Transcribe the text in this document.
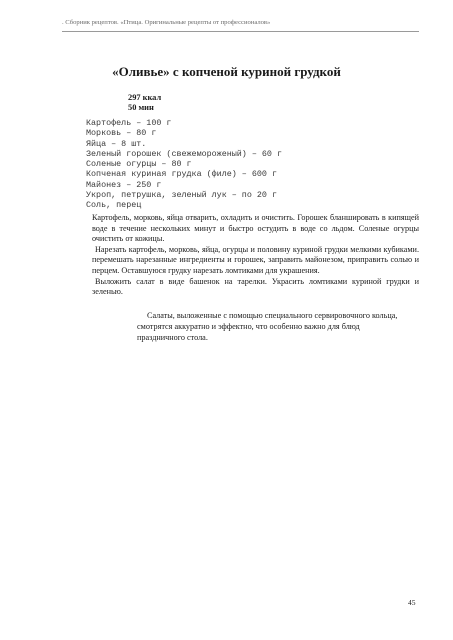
. Сборник рецептов. «Птица. Оригинальные рецепты от профессионалов»
«Оливье» с копченой куриной грудкой
297 ккал
50 мин
Картофель – 100 г
Морковь – 80 г
Яйца – 8 шт.
Зеленый горошек (свежемороженый) – 60 г
Соленые огурцы – 80 г
Копченая куриная грудка (филе) – 600 г
Майонез – 250 г
Укроп, петрушка, зеленый лук – по 20 г
Соль, перец

Картофель, морковь, яйца отварить, охладить и очистить. Горошек бланшировать в кипящей воде в течение нескольких минут и быстро остудить в воде со льдом. Соленые огурцы очистить от кожицы.

Нарезать картофель, морковь, яйца, огурцы и половину куриной грудки мелкими кубиками. перемешать нарезанные ингредиенты и горошек, заправить майонезом, приправить солью и перцем. Оставшуюся грудку нарезать ломтиками для украшения.

Выложить салат в виде башенок на тарелки. Украсить ломтиками куриной грудки и зеленью.

Салаты, выложенные с помощью специального сервировочного кольца, смотрятся аккуратно и эффектно, что особенно важно для блюд праздничного стола.

45
